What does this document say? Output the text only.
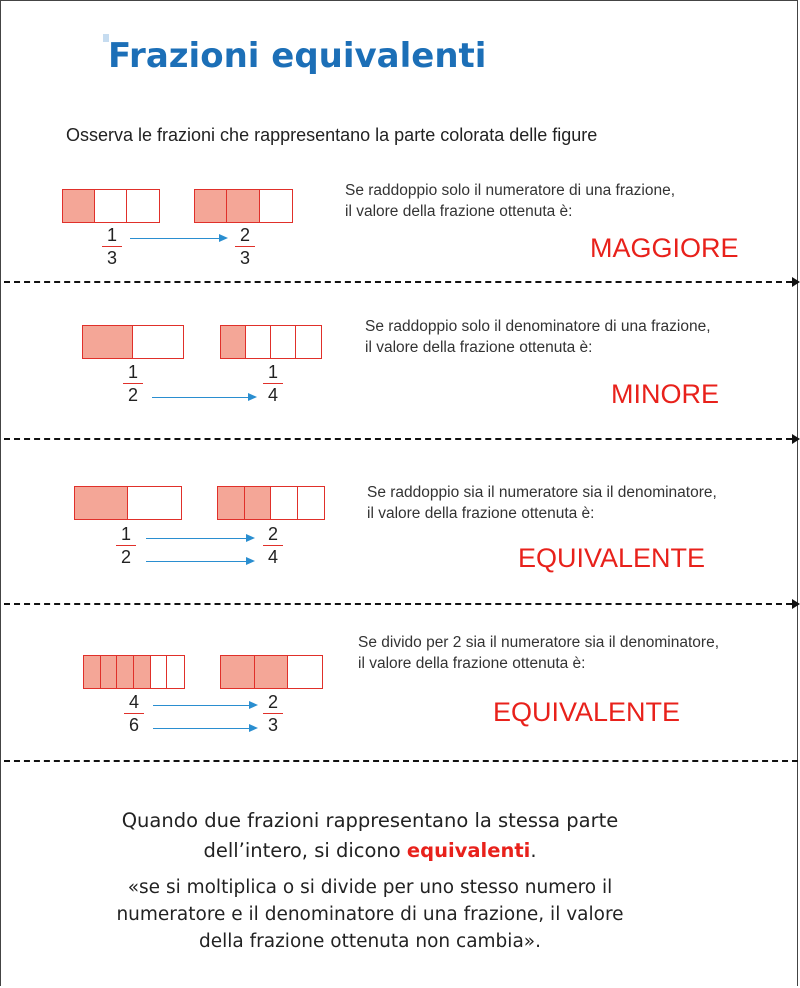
Frazioni equivalenti
Osserva le frazioni che rappresentano la parte colorata delle figure
1
3
2
3
Se raddoppio solo il numeratore di una frazione,
il valore della frazione ottenuta è:
MAGGIORE
1
2
1
4
Se raddoppio solo il denominatore di una frazione,
il valore della frazione ottenuta è:
MINORE
1
2
2
4
Se raddoppio sia il numeratore sia il denominatore,
il valore della frazione ottenuta è:
EQUIVALENTE
4
6
2
3
Se divido per 2 sia il numeratore sia il denominatore,
il valore della frazione ottenuta è:
EQUIVALENTE
Quando due frazioni rappresentano la stessa parte
dell’intero, si dicono equivalenti.
«se si moltiplica o si divide per uno stesso numero il
numeratore e il denominatore di una frazione, il valore
della frazione ottenuta non cambia».
